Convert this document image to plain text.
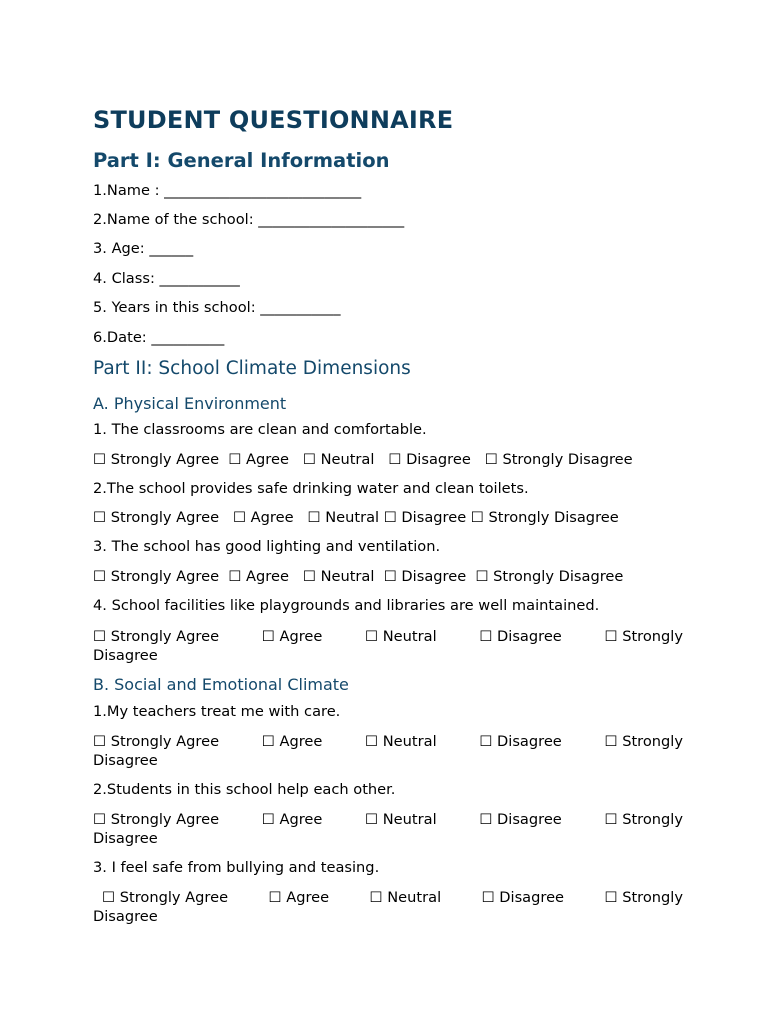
STUDENT QUESTIONNAIRE
Part I: General Information
1.Name : ___________________________
2.Name of the school: ____________________
3. Age: ______
4. Class: ___________
5. Years in this school: ___________
6.Date: __________
Part II: School Climate Dimensions
A. Physical Environment
1. The classrooms are clean and comfortable.
☐ Strongly Agree  ☐ Agree   ☐ Neutral   ☐ Disagree   ☐ Strongly Disagree
2.The school provides safe drinking water and clean toilets.
☐ Strongly Agree   ☐ Agree   ☐ Neutral ☐ Disagree ☐ Strongly Disagree
3. The school has good lighting and ventilation.
☐ Strongly Agree  ☐ Agree   ☐ Neutral  ☐ Disagree  ☐ Strongly Disagree
4. School facilities like playgrounds and libraries are well maintained.
☐ Strongly Agree	☐ Agree	☐ Neutral	☐ Disagree	☐ Strongly
Disagree
B. Social and Emotional Climate
1.My teachers treat me with care.
☐ Strongly Agree	☐ Agree	☐ Neutral	☐ Disagree	☐ Strongly
Disagree
2.Students in this school help each other.
☐ Strongly Agree	☐ Agree	☐ Neutral	☐ Disagree	☐ Strongly
Disagree
3. I feel safe from bullying and teasing.
☐ Strongly Agree	☐ Agree	☐ Neutral	☐ Disagree	☐ Strongly
Disagree
